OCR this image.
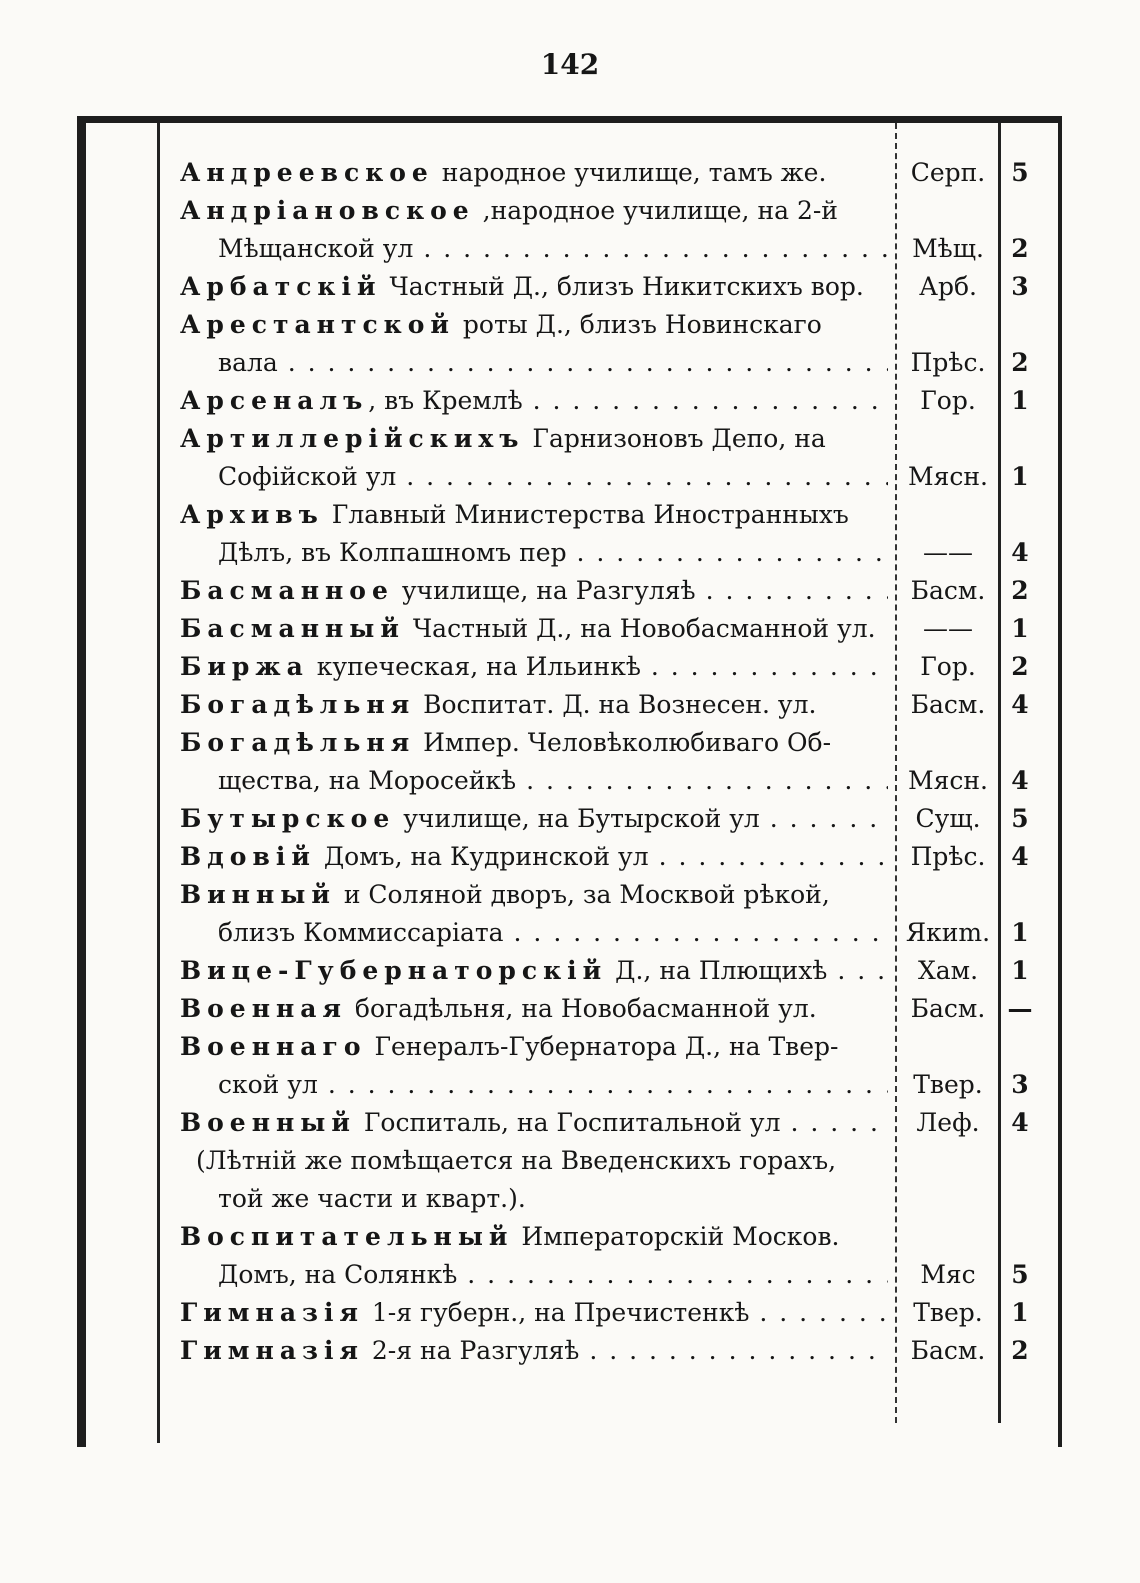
142
Андреевское народное училище, тамъ же.	Серп.	5
Андріановское ,народное училище, на 2-й
Мѣщанской ул . . .	Мѣщ.	2
Арбатскій Частный Д., близъ Никитскихъ вор.	Арб.	3
Арестантской роты Д., близъ Новинскаго
вала . . .	Прѣс.	2
Арсеналъ, въ Кремлѣ . . .	Гор.	1
Артиллерійскихъ Гарнизоновъ Депо, на
Софійской ул . . .	Мясн. 1
Архивъ Главный Министерства Иностранныхъ
Дѣлъ, въ Колпашномъ пер . . .	——	4
Басманное училище, на Разгуляѣ . . .	Басм.	2
Басманный Частный Д., на Новобасманной ул.	——	1
Биржа купеческая, на Ильинкѣ . . .	Гор.	2
Богадѣльня Воспитат. Д. на Вознесен. ул.	Басм.	4
Богадѣльня Импер. Человѣколюбиваго Об-
щества, на Моросейкѣ . . .	Мясн. 4
Бутырское училище, на Бутырской ул . . .	Сущ.	5
Вдовій Домъ, на Кудринской ул . . .	Прѣс.	4
Винный и Соляной дворъ, за Москвой рѣкой,
близъ Коммиссаріата . . .	Якиm. 1
Вице-Губернаторскій Д., на Плющихѣ . . .	Хам.	1
Военная богадѣльня, на Новобасманной ул.	Басм. —
Военнаго Генералъ-Губернатора Д., на Твер-
ской ул . . .	Твер.	3
Военный Госпиталь, на Госпитальной ул . . .	Леф.	4
(Лѣтній же помѣщается на Введенскихъ горахъ,
той же части и кварт.).
Воспитательный Императорскій Москов.
Домъ, на Солянкѣ . . .	Мяс	5
Гимназія 1-я губерн., на Пречистенкѣ . . .	Твер.	1
Гимназія 2-я на Разгуляѣ . . .	Басм.	2
